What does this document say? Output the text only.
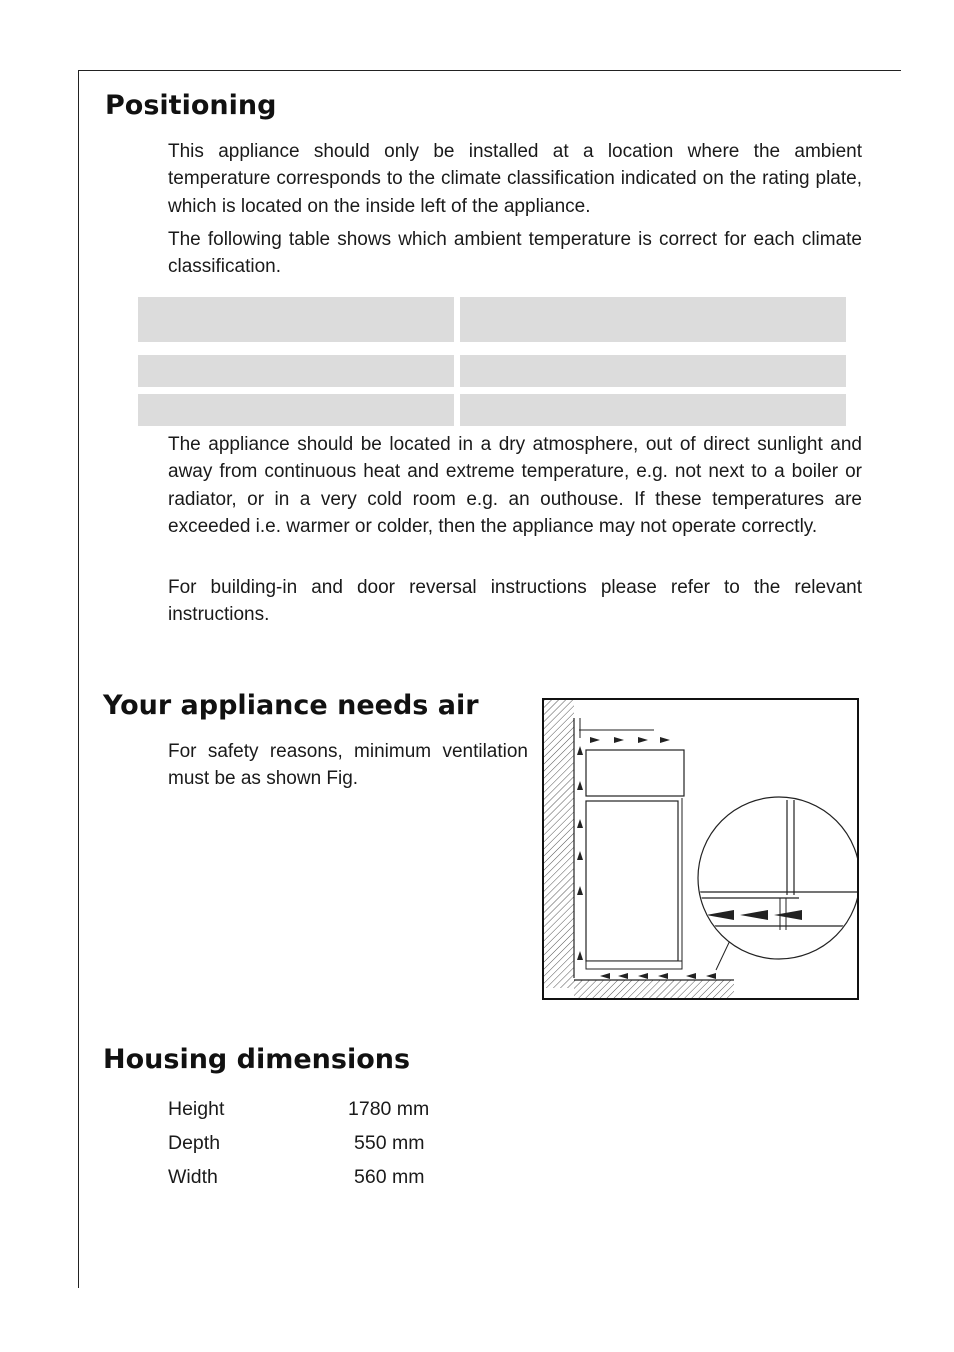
Positioning

This appliance should only be installed at a location where the ambient temperature corresponds to the climate classification indicated on the rating plate, which is located on the inside left of the appliance.

The following table shows which ambient temperature is correct for each climate classification.

The appliance should be located in a dry atmosphere, out of direct sunlight and away from continuous heat and extreme temperature, e.g. not next to a boiler or radiator, or in a very cold room e.g. an outhouse. If these temperatures are exceeded i.e. warmer or colder, then the appliance may not operate correctly.

For building-in and door reversal instructions please refer to the relevant instructions.

Your appliance needs air

For safety reasons, minimum ventilation must be as shown Fig.

Housing dimensions
Height	1780 mm
Depth	550 mm
Width	560 mm
